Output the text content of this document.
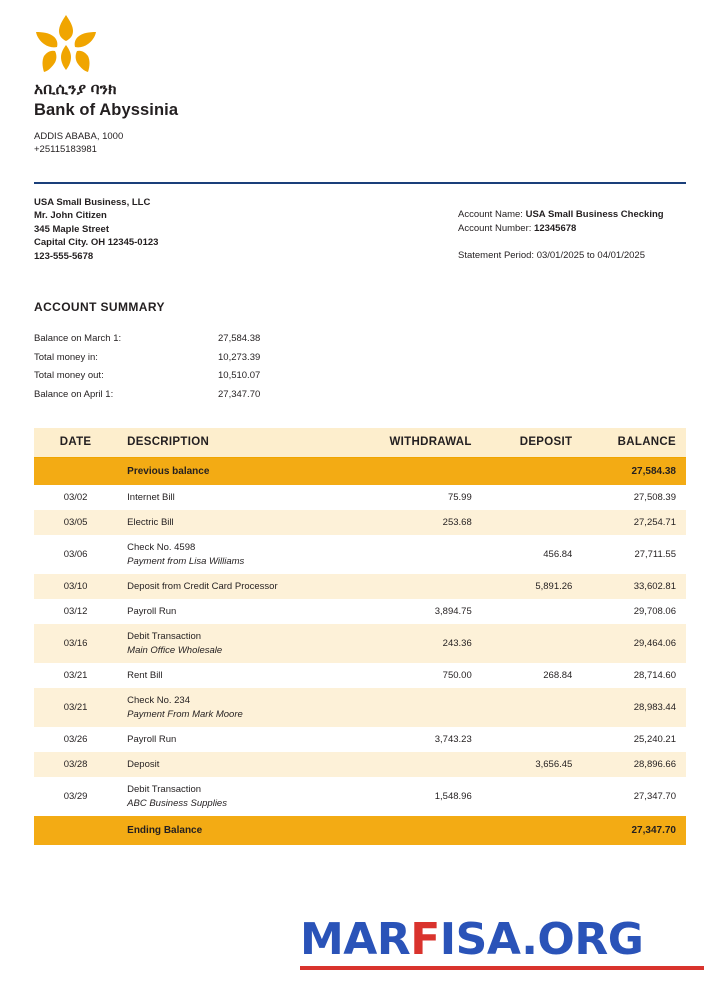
አቢሲንያ ባንክ
Bank of Abyssinia
ADDIS ABABA, 1000
+25115183981
USA Small Business, LLC
Mr. John Citizen
345 Maple Street
Capital City. OH 12345-0123
123-555-5678
Account Name: USA Small Business Checking
Account Number: 12345678
Statement Period: 03/01/2025 to 04/01/2025
ACCOUNT SUMMARY
Balance on March 1:	27,584.38
Total money in:	10,273.39
Total money out:	10,510.07
Balance on April 1:	27,347.70
DATE	DESCRIPTION	WITHDRAWAL	DEPOSIT	BALANCE
	Previous balance			27,584.38
03/02	Internet Bill	75.99		27,508.39
03/05	Electric Bill	253.68		27,254.71
03/06	Check No. 4598
Payment from Lisa Williams		456.84	27,711.55
03/10	Deposit from Credit Card Processor		5,891.26	33,602.81
03/12	Payroll Run	3,894.75		29,708.06
03/16	Debit Transaction
Main Office Wholesale	243.36		29,464.06
03/21	Rent Bill	750.00	268.84	28,714.60
03/21	Check No. 234
Payment From Mark Moore			28,983.44
03/26	Payroll Run	3,743.23		25,240.21
03/28	Deposit		3,656.45	28,896.66
03/29	Debit Transaction
ABC Business Supplies	1,548.96		27,347.70
	Ending Balance			27,347.70
MARFISA.ORG
